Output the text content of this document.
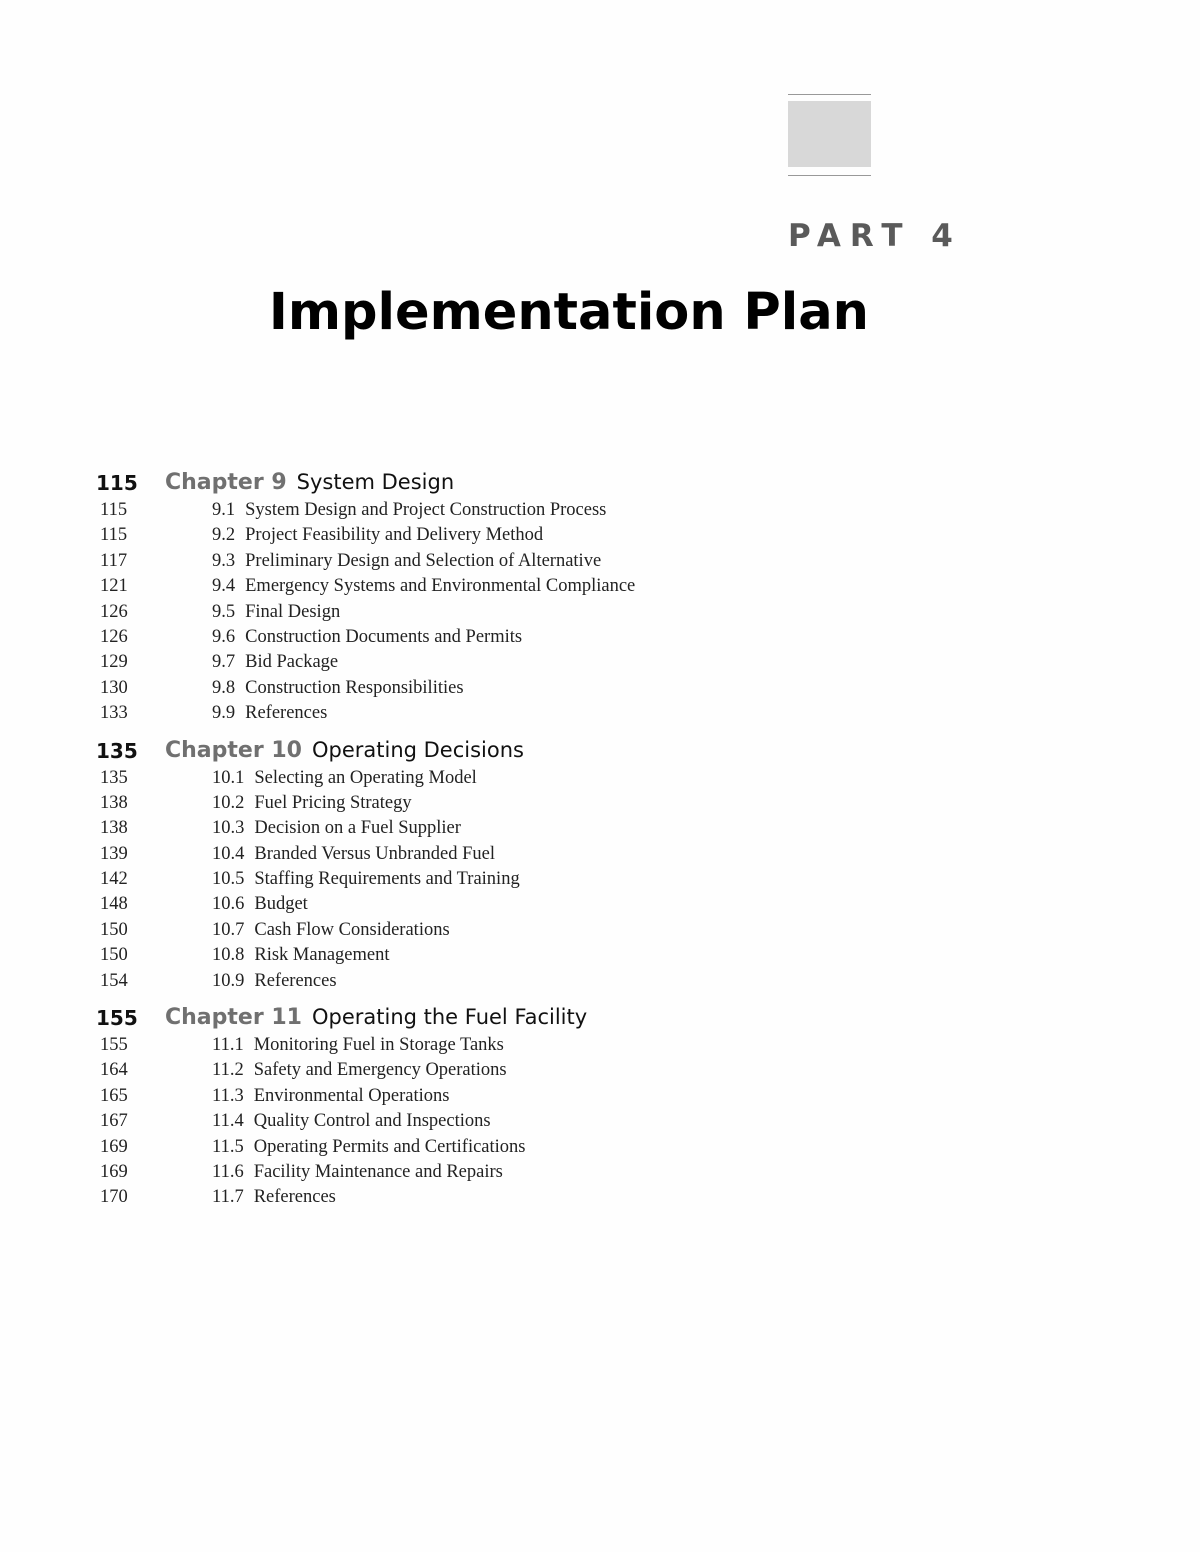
PART 4
Implementation Plan
115 Chapter 9 System Design
115	9.1 System Design and Project Construction Process
115	9.2 Project Feasibility and Delivery Method
117	9.3 Preliminary Design and Selection of Alternative
121	9.4 Emergency Systems and Environmental Compliance
126	9.5 Final Design
126	9.6 Construction Documents and Permits
129	9.7 Bid Package
130	9.8 Construction Responsibilities
133	9.9 References
135 Chapter 10 Operating Decisions
135	10.1 Selecting an Operating Model
138	10.2 Fuel Pricing Strategy
138	10.3 Decision on a Fuel Supplier
139	10.4 Branded Versus Unbranded Fuel
142	10.5 Staffing Requirements and Training
148	10.6 Budget
150	10.7 Cash Flow Considerations
150	10.8 Risk Management
154	10.9 References
155 Chapter 11 Operating the Fuel Facility
155	11.1 Monitoring Fuel in Storage Tanks
164	11.2 Safety and Emergency Operations
165	11.3 Environmental Operations
167	11.4 Quality Control and Inspections
169	11.5 Operating Permits and Certifications
169	11.6 Facility Maintenance and Repairs
170	11.7 References
